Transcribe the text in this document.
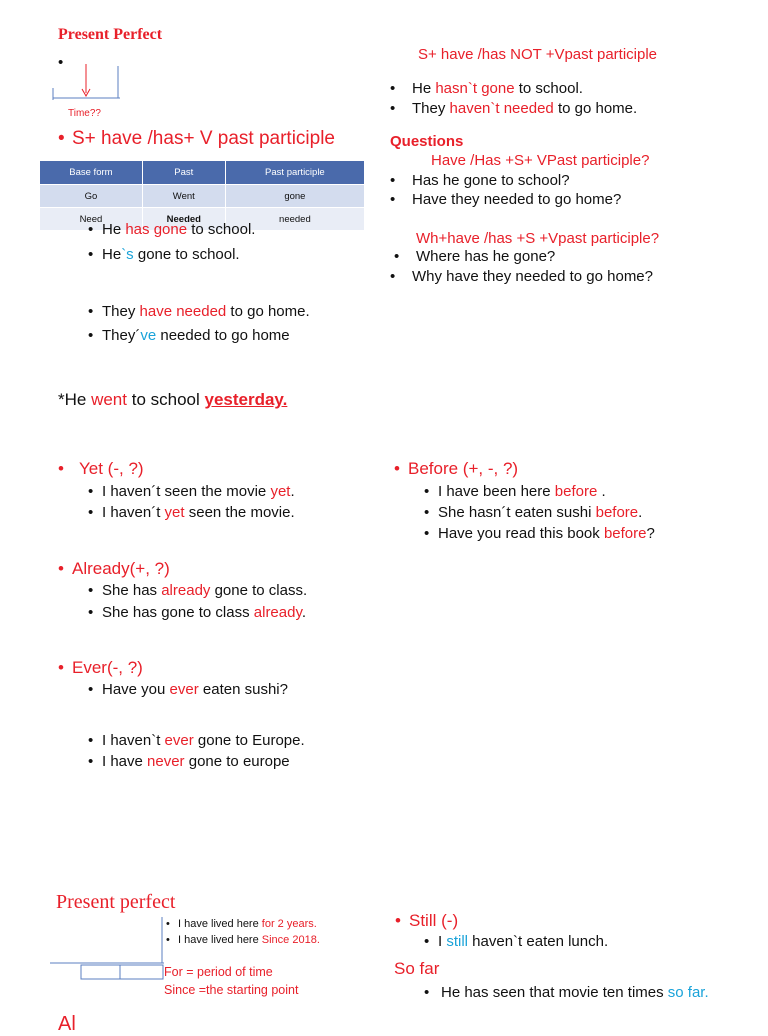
Present Perfect
•
Time??
• S+ have /has+ V past participle
Base form	Past	Past participle
Go	Went	gone
Need	Needed	needed
• He has gone to school.
• He`s gone to school.
• They have needed to go home.
• They´ve needed to go home
*He went to school yesterday.
S+ have /has NOT +Vpast participle
• He hasn`t gone to school.
• They haven`t needed to go home.
Questions
Have /Has +S+ VPast participle?
• Has he gone to school?
• Have they needed to go home?
Wh+have /has +S +Vpast participle?
• Where has he gone?
• Why have they needed to go home?
• Yet (-, ?)
• I haven´t seen the movie yet.
• I haven´t yet seen the movie.
• Before (+, -, ?)
• I have been here before .
• She hasn´t eaten sushi before.
• Have you read this book before?
• Already(+, ?)
• She has already gone to class.
• She has gone to class already.
• Ever(-, ?)
• Have you ever eaten sushi?
• I haven`t ever gone to Europe.
• I have never gone to europe
Present perfect
• I have lived here for 2 years.
• I have lived here Since 2018.
For = period of time
Since =the starting point
Al
• Still (-)
• I still haven`t eaten lunch.
So far
• He has seen that movie ten times so far.
